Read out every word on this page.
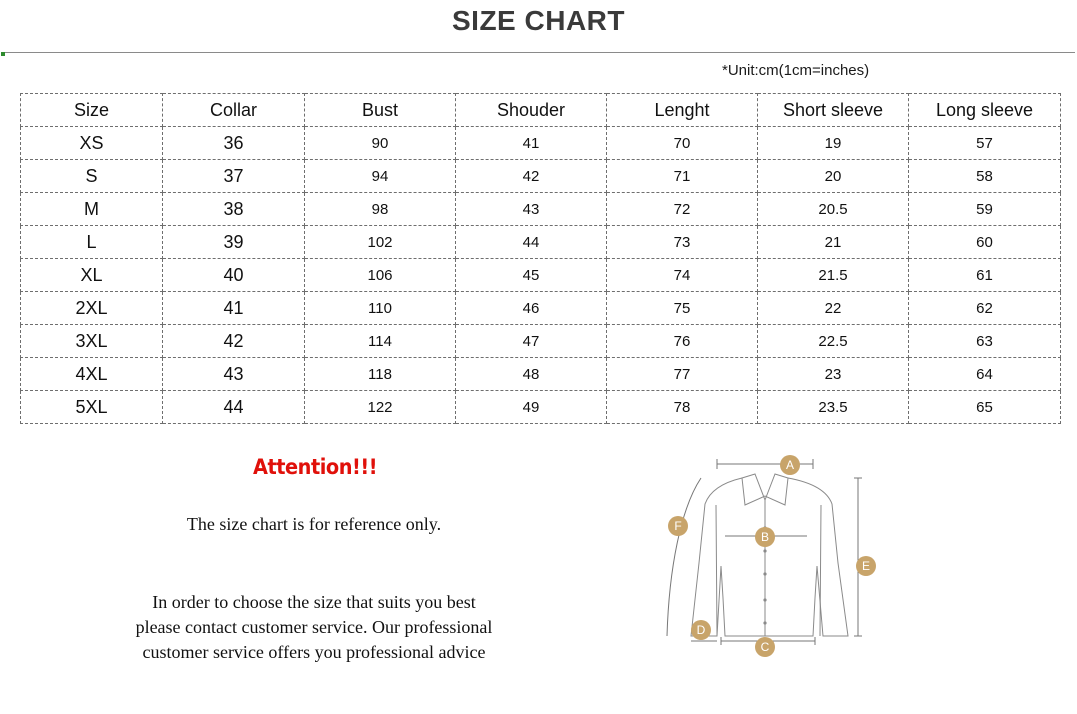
SIZE CHART
*Unit:cm(1cm=inches)
Size	Collar	Bust	Shouder	Lenght	Short sleeve	Long sleeve
XS	36	90	41	70	19	57
S	37	94	42	71	20	58
M	38	98	43	72	20.5	59
L	39	102	44	73	21	60
XL	40	106	45	74	21.5	61
2XL	41	110	46	75	22	62
3XL	42	114	47	76	22.5	63
4XL	43	118	48	77	23	64
5XL	44	122	49	78	23.5	65
Attention!!!
The size chart is for reference only.
In order to choose the size that suits you best
please contact customer service. Our professional
customer service offers you professional advice
A
B
C
D
E
F
